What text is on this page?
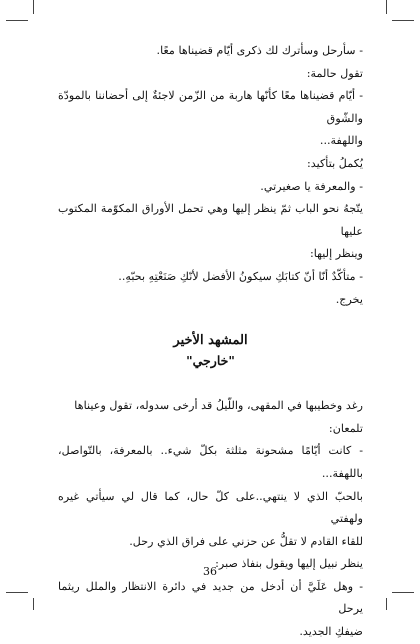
- سأرحل وسأترك لك ذكرى أيّام قضيناها معًا.

تقول حالمة:

- أيّام قضيناها معًا كأنّها هاربة من الزّمن لاجئةٌ إلى أحضاننا بالمودّة والشّوق

واللهفة...

يُكملُ بتأكيد:

- والمعرفة يا صغيرتي.

يتّجهُ نحو الباب ثمّ ينظر إليها وهي تحمل الأوراق المكوّمة المكتوب عليها

وينظر إليها:

- متأكّدٌ أنّا أنّ كتابَكِ سيكونُ الأفضل لأنّكِ صَنَعْتِهِ بحبّهِ..

يخرج.

المشهد الأخير
"خارجي"

رغد وخطيبها في المقهى، واللّيلُ قد أرخى سدوله، تقول وعيناها

تلمعان:

- كانت أيّامًا مشحونة مثلثة بكلّ شيء.. بالمعرفة، بالتّواصل، باللهفة...

بالحبّ الذي لا ينتهي..على كلّ حال، كما قال لي سيأتي غيره ولهفتي

للقاء القادم لا تقلُّ عن حزني على فراق الذي رحل.

ينظر نبيل إليها ويقول بنفاذ صبر:

- وهل عَلَيَّ أن أدخل من جديد في دائرة الانتظار والملل ريثما يرحل

ضيفكِ الجديد.

36
